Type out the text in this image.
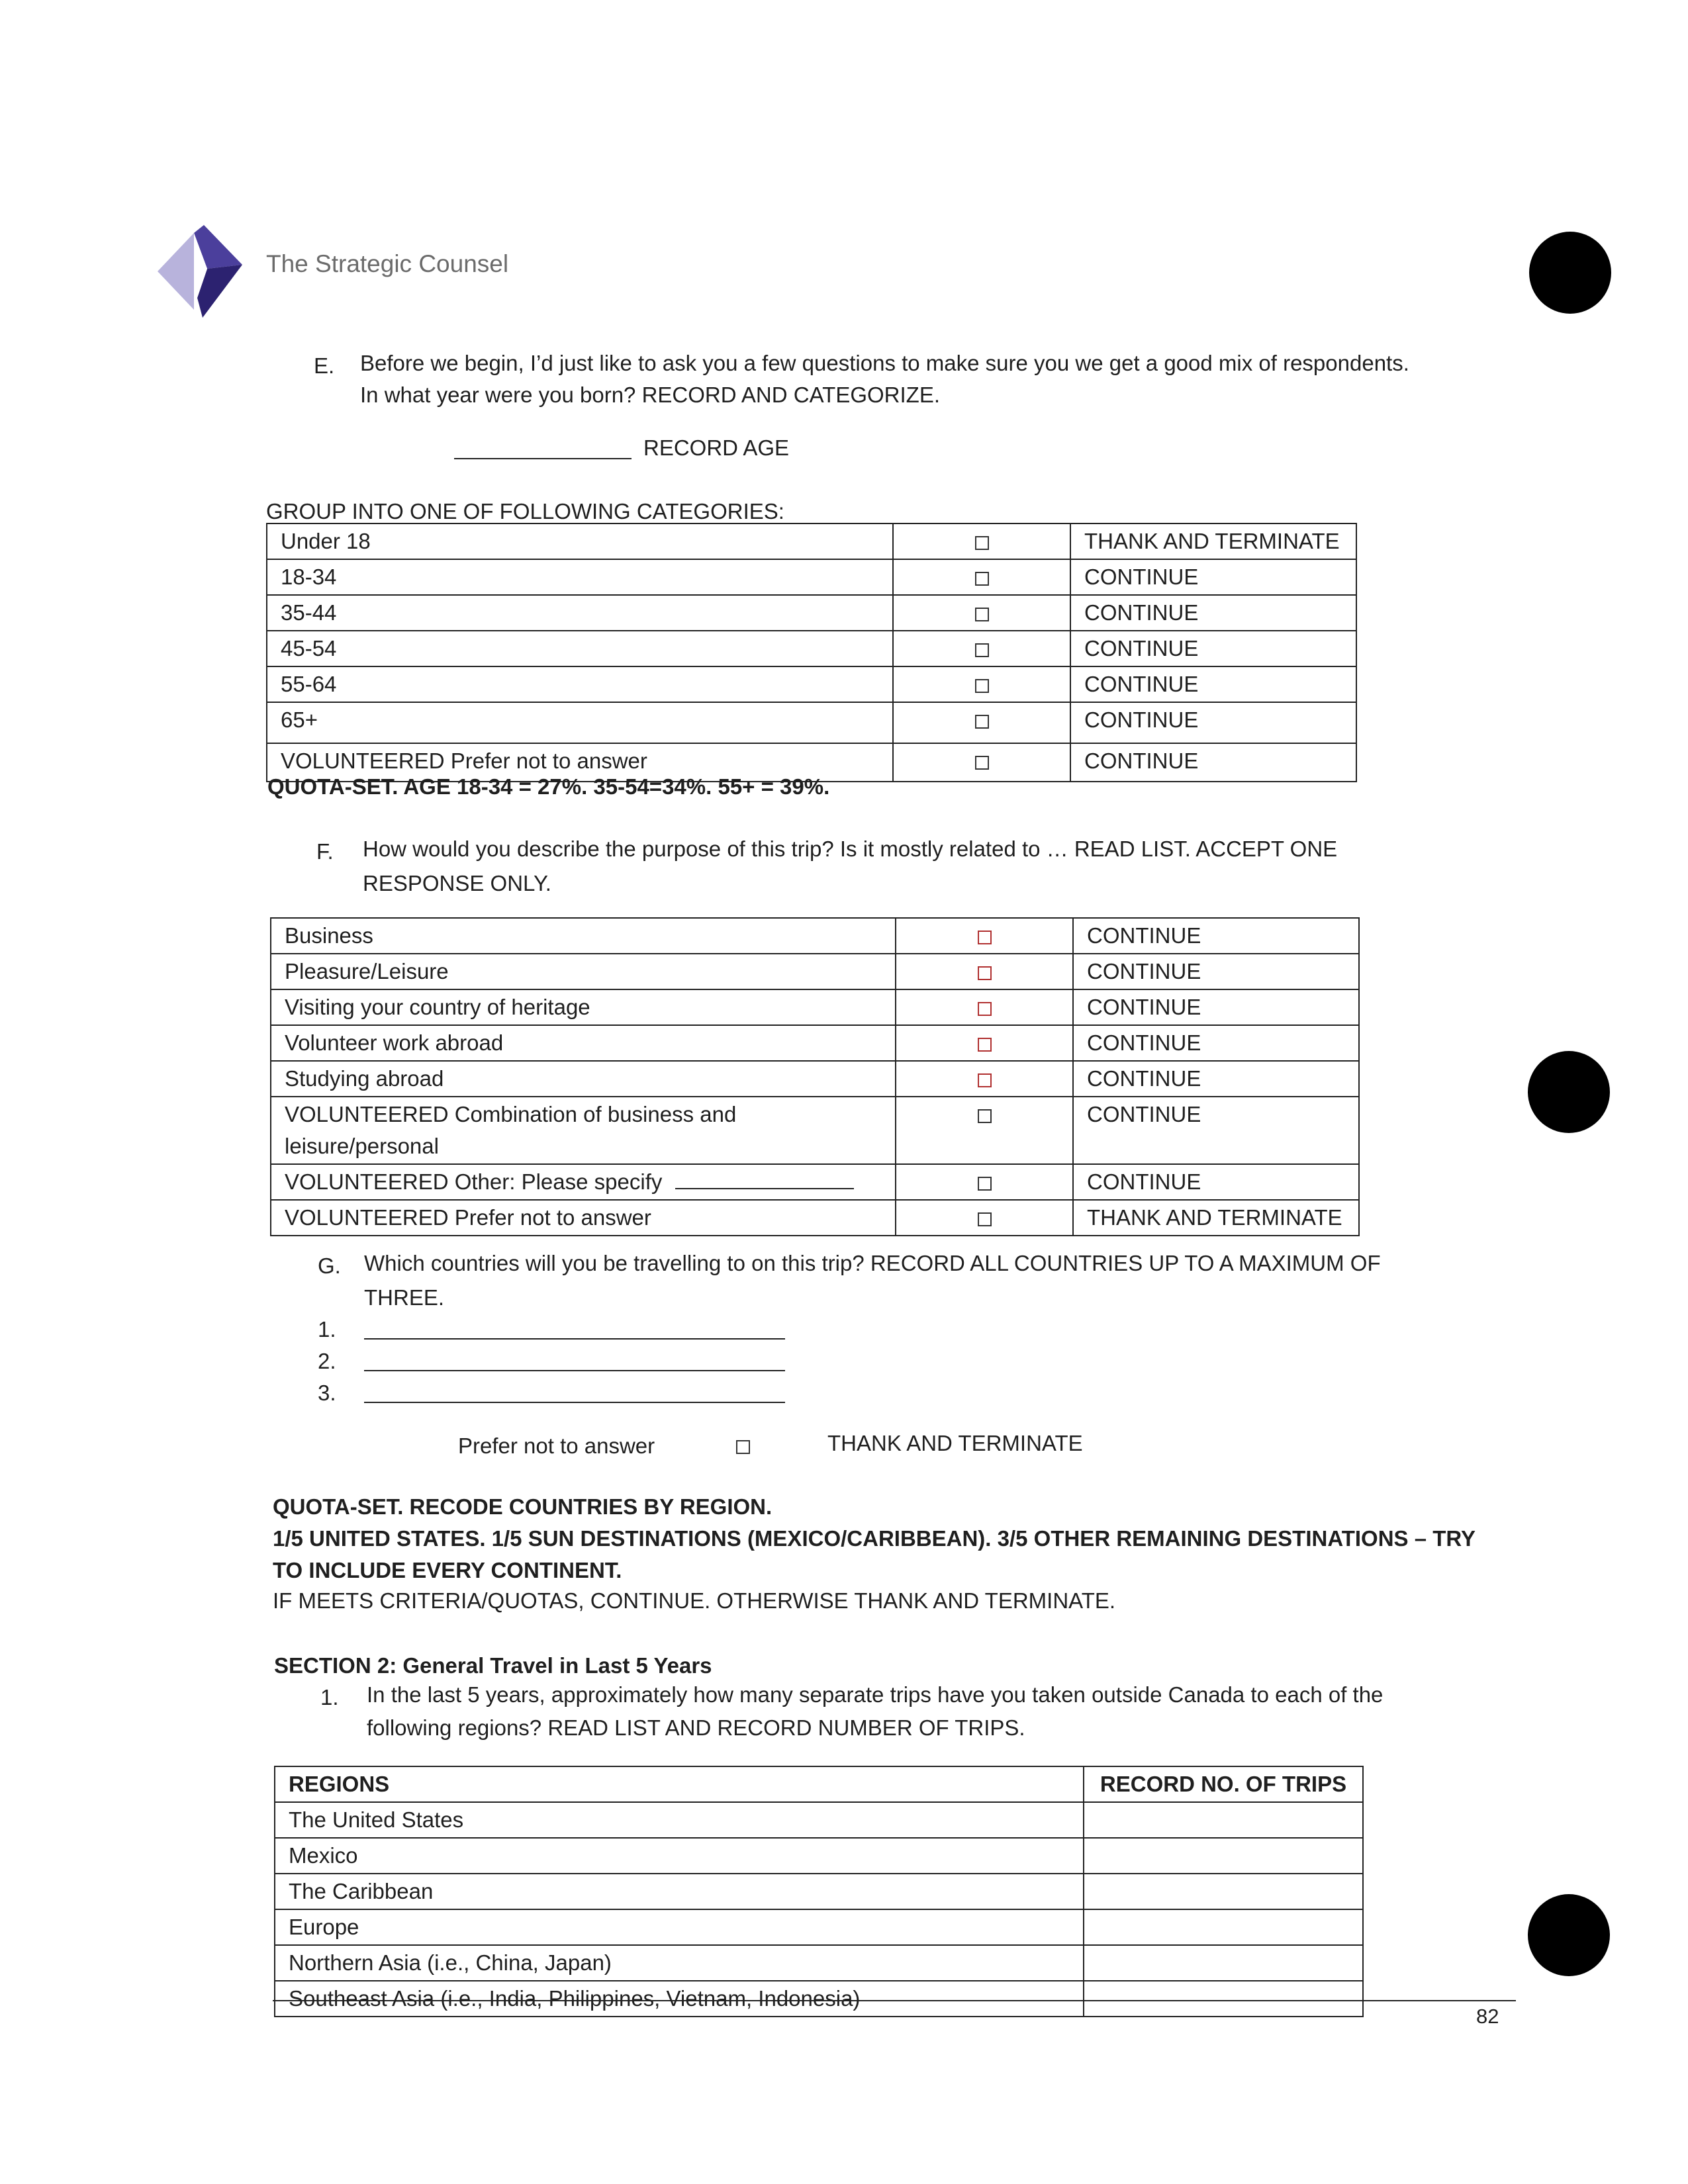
The Strategic Counsel
E. Before we begin, I’d just like to ask you a few questions to make sure you we get a good mix of respondents.
In what year were you born? RECORD AND CATEGORIZE.
RECORD AGE
GROUP INTO ONE OF FOLLOWING CATEGORIES:
Under 18		THANK AND TERMINATE
18-34		CONTINUE
35-44		CONTINUE
45-54		CONTINUE
55-64		CONTINUE
65+		CONTINUE
VOLUNTEERED Prefer not to answer		CONTINUE
QUOTA-SET. AGE 18-34 = 27%. 35-54=34%. 55+ = 39%.
F. How would you describe the purpose of this trip? Is it mostly related to … READ LIST. ACCEPT ONE
RESPONSE ONLY.
Business		CONTINUE
Pleasure/Leisure		CONTINUE
Visiting your country of heritage		CONTINUE
Volunteer work abroad		CONTINUE
Studying abroad		CONTINUE

VOLUNTEERED Combination of business and
leisure/personal		CONTINUE
VOLUNTEERED Other: Please specify		CONTINUE
VOLUNTEERED Prefer not to answer		THANK AND TERMINATE
G. Which countries will you be travelling to on this trip? RECORD ALL COUNTRIES UP TO A MAXIMUM OF
THREE.
1.
2.
3.
Prefer not to answer	THANK AND TERMINATE
QUOTA-SET. RECODE COUNTRIES BY REGION.
1/5 UNITED STATES. 1/5 SUN DESTINATIONS (MEXICO/CARIBBEAN). 3/5 OTHER REMAINING DESTINATIONS – TRY
TO INCLUDE EVERY CONTINENT.
IF MEETS CRITERIA/QUOTAS, CONTINUE. OTHERWISE THANK AND TERMINATE.
SECTION 2: General Travel in Last 5 Years
1. In the last 5 years, approximately how many separate trips have you taken outside Canada to each of the
following regions? READ LIST AND RECORD NUMBER OF TRIPS.
REGIONS	RECORD NO. OF TRIPS
The United States	
Mexico	
The Caribbean	
Europe	
Northern Asia (i.e., China, Japan)	
Southeast Asia (i.e., India, Philippines, Vietnam, Indonesia)	
82
